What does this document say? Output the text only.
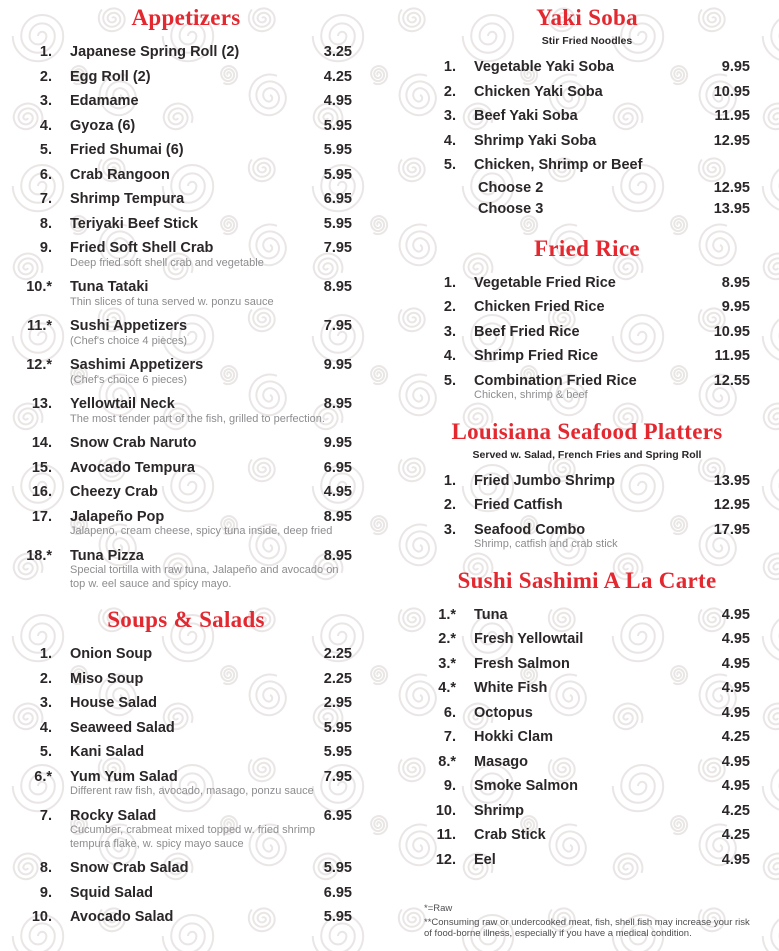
Appetizers
1.	Japanese Spring Roll (2)	3.25
2.	Egg Roll (2)	4.25
3.	Edamame	4.95
4.	Gyoza (6)	5.95
5.	Fried Shumai (6)	5.95
6.	Crab Rangoon	5.95
7.	Shrimp Tempura	6.95
8.	Teriyaki Beef Stick	5.95
9.	Fried Soft Shell Crab	7.95
Deep fried soft shell crab and vegetable
10.*	Tuna Tataki	8.95
Thin slices of tuna served w. ponzu sauce
11.*	Sushi Appetizers	7.95
(Chef's choice 4 pieces)
12.*	Sashimi Appetizers	9.95
(Chef's choice 6 pieces)
13.	Yellowtail Neck	8.95
The most tender part of the fish, grilled to perfection.
14.	Snow Crab Naruto	9.95
15.	Avocado Tempura	6.95
16.	Cheezy Crab	4.95
17.	Jalapeño Pop	8.95
Jalapeno, cream cheese, spicy tuna inside, deep fried
18.*	Tuna Pizza	8.95
Special tortilla with raw tuna, Jalapeño and avocado on top w. eel sauce and spicy mayo.
Soups & Salads
1.	Onion Soup	2.25
2.	Miso Soup	2.25
3.	House Salad	2.95
4.	Seaweed Salad	5.95
5.	Kani Salad	5.95
6.*	Yum Yum Salad	7.95
Different raw fish, avocado, masago, ponzu sauce
7.	Rocky Salad	6.95
Cucumber, crabmeat mixed topped w. fried shrimp tempura flake, w. spicy mayo sauce
8.	Snow Crab Salad	5.95
9.	Squid Salad	6.95
10.	Avocado Salad	5.95
Yaki Soba
Stir Fried Noodles
1.	Vegetable Yaki Soba	9.95
2.	Chicken Yaki Soba	10.95
3.	Beef Yaki Soba	11.95
4.	Shrimp Yaki Soba	12.95
5.	Chicken, Shrimp or Beef
Choose 2	12.95
Choose 3	13.95
Fried Rice
1.	Vegetable Fried Rice	8.95
2.	Chicken Fried Rice	9.95
3.	Beef Fried Rice	10.95
4.	Shrimp Fried Rice	11.95
5.	Combination Fried Rice	12.55
Chicken, shrimp & beef
Louisiana Seafood Platters
Served w. Salad, French Fries and Spring Roll
1.	Fried Jumbo Shrimp	13.95
2.	Fried Catfish	12.95
3.	Seafood Combo	17.95
Shrimp, catfish and crab stick
Sushi Sashimi A La Carte
1.*	Tuna	4.95
2.*	Fresh Yellowtail	4.95
3.*	Fresh Salmon	4.95
4.*	White Fish	4.95
6.	Octopus	4.95
7.	Hokki Clam	4.25
8.*	Masago	4.95
9.	Smoke Salmon	4.95
10.	Shrimp	4.25
11.	Crab Stick	4.25
12.	Eel	4.95
*=Raw
**Consuming raw or undercooked meat, fish, shell fish may increase your risk of food-borne illness, especially if you have a medical condition.
